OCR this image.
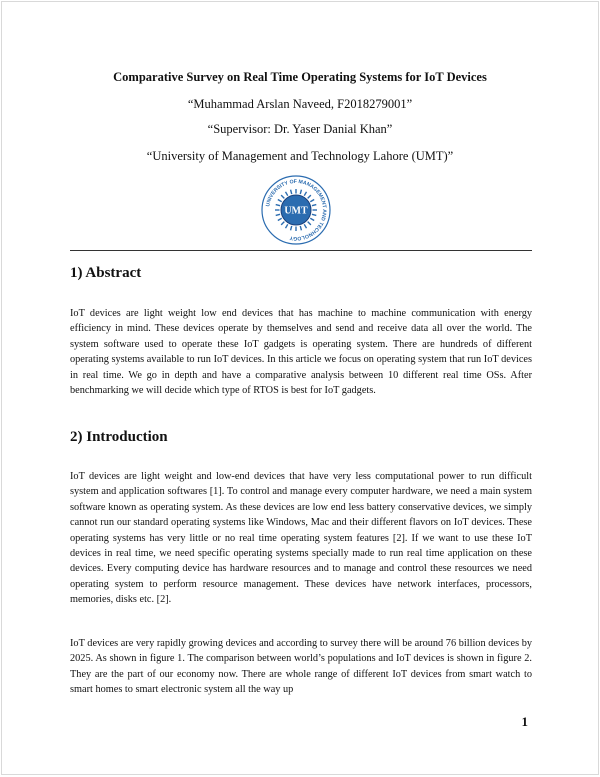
Comparative Survey on Real Time Operating Systems for IoT Devices
“Muhammad Arslan Naveed, F2018279001”
“Supervisor: Dr. Yaser Danial Khan”
“University of Management and Technology Lahore (UMT)”
UNIVERSITY OF MANAGEMENT AND TECHNOLOGY
UMT
1) Abstract

IoT devices are light weight low end devices that has machine to machine communication with energy efficiency in mind. These devices operate by themselves and send and receive data all over the world. The system software used to operate these IoT gadgets is operating system. There are hundreds of different operating systems available to run IoT devices. In this article we focus on operating system that run IoT devices in real time. We go in depth and have a comparative analysis between 10 different real time OSs. After benchmarking we will decide which type of RTOS is best for IoT gadgets.

2) Introduction

IoT devices are light weight and low-end devices that have very less computational power to run difficult system and application softwares [1]. To control and manage every computer hardware, we need a main system software known as operating system. As these devices are low end less battery conservative devices, we simply cannot run our standard operating systems like Windows, Mac and their different flavors on IoT devices. These operating systems has very little or no real time operating system features [2]. If we want to use these IoT devices in real time, we need specific operating systems specially made to run real time application on these devices. Every computing device has hardware resources and to manage and control these resources we need operating system to perform resource management. These devices have network interfaces, processors, memories, disks etc. [2].

IoT devices are very rapidly growing devices and according to survey there will be around 76 billion devices by 2025. As shown in figure 1. The comparison between world’s populations and IoT devices is shown in figure 2. They are the part of our economy now. There are whole range of different IoT devices from smart watch to smart homes to smart electronic system all the way up

1
